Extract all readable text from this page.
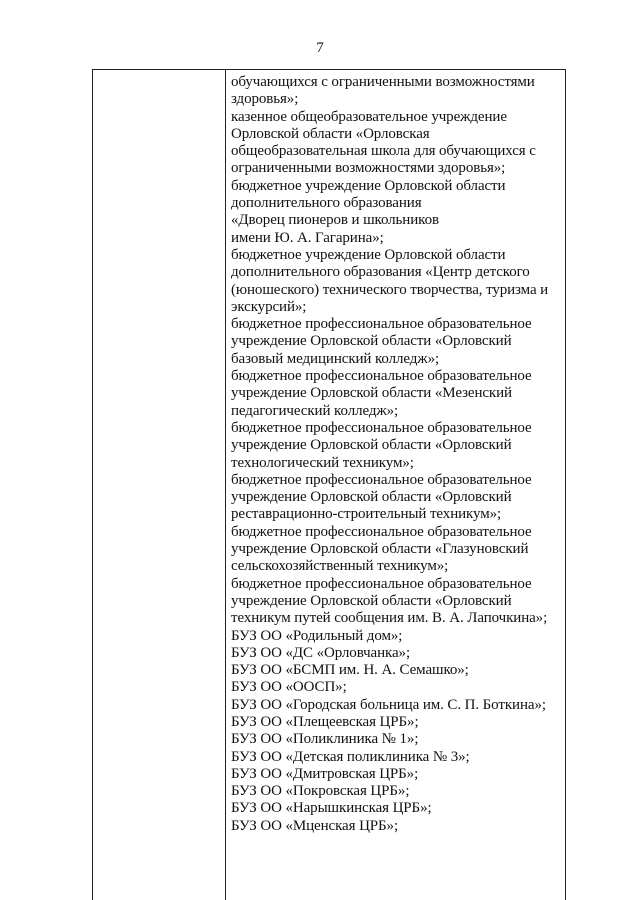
7
обучающихся с ограниченными возможностями
здоровья»;
казенное общеобразовательное учреждение
Орловской области «Орловская
общеобразовательная школа для обучающихся с
ограниченными возможностями здоровья»;
бюджетное учреждение Орловской области
дополнительного образования
«Дворец пионеров и школьников
имени Ю. А. Гагарина»;
бюджетное учреждение Орловской области
дополнительного образования «Центр детского
(юношеского) технического творчества, туризма и
экскурсий»;
бюджетное профессиональное образовательное
учреждение Орловской области «Орловский
базовый медицинский колледж»;
бюджетное профессиональное образовательное
учреждение Орловской области «Мезенский
педагогический колледж»;
бюджетное профессиональное образовательное
учреждение Орловской области «Орловский
технологический техникум»;
бюджетное профессиональное образовательное
учреждение Орловской области «Орловский
реставрационно-строительный техникум»;
бюджетное профессиональное образовательное
учреждение Орловской области «Глазуновский
сельскохозяйственный техникум»;
бюджетное профессиональное образовательное
учреждение Орловской области «Орловский
техникум путей сообщения им. В. А. Лапочкина»;
БУЗ ОО «Родильный дом»;
БУЗ ОО «ДС «Орловчанка»;
БУЗ ОО «БСМП им. Н. А. Семашко»;
БУЗ ОО «ООСП»;
БУЗ ОО «Городская больница им. С. П. Боткина»;
БУЗ ОО «Плещеевская ЦРБ»;
БУЗ ОО «Поликлиника № 1»;
БУЗ ОО «Детская поликлиника № 3»;
БУЗ ОО «Дмитровская ЦРБ»;
БУЗ ОО «Покровская ЦРБ»;
БУЗ ОО «Нарышкинская ЦРБ»;
БУЗ ОО «Мценская ЦРБ»;
